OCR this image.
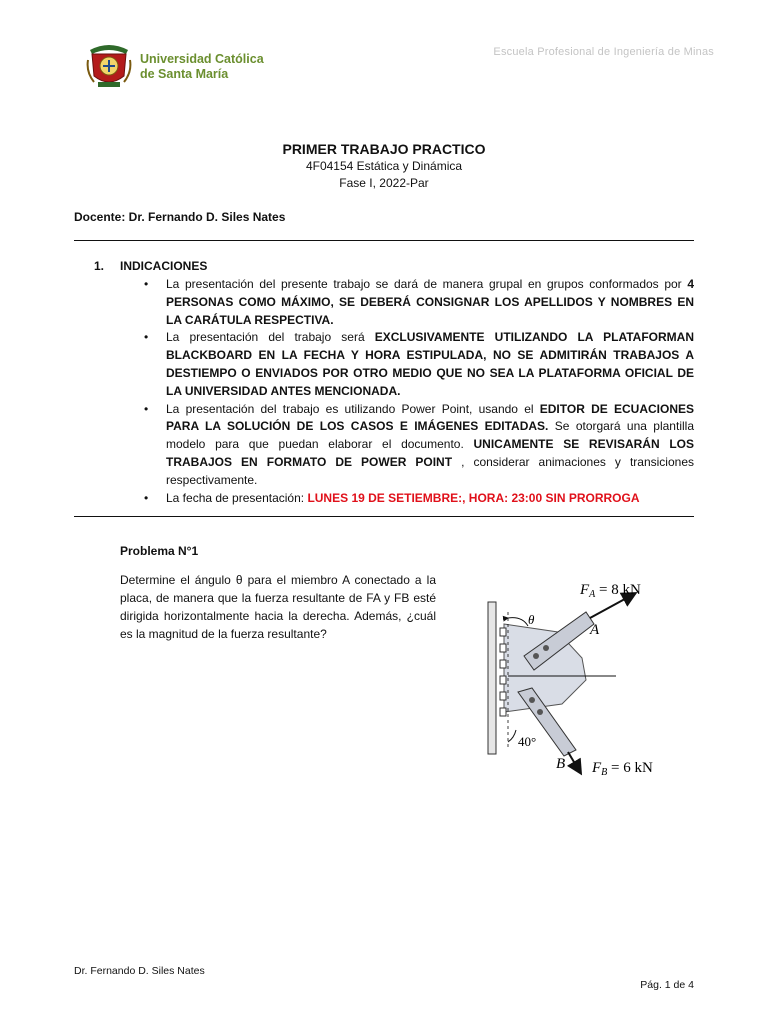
Universidad Católica
de Santa María
Escuela Profesional de Ingeniería de Minas
PRIMER TRABAJO PRACTICO
4F04154 Estática y Dinámica
Fase I, 2022-Par
Docente: Dr. Fernando D. Siles Nates
1. INDICACIONES
• La presentación del presente trabajo se dará de manera grupal en grupos conformados por 4 PERSONAS COMO MÁXIMO, SE DEBERÁ CONSIGNAR LOS APELLIDOS Y NOMBRES EN LA CARÁTULA RESPECTIVA.
• La presentación del trabajo será EXCLUSIVAMENTE UTILIZANDO LA PLATAFORMAN BLACKBOARD EN LA FECHA Y HORA ESTIPULADA, NO SE ADMITIRÁN TRABAJOS A DESTIEMPO O ENVIADOS POR OTRO MEDIO QUE NO SEA LA PLATAFORMA OFICIAL DE LA UNIVERSIDAD ANTES MENCIONADA.
• La presentación del trabajo es utilizando Power Point, usando el EDITOR DE ECUACIONES PARA LA SOLUCIÓN DE LOS CASOS E IMÁGENES EDITADAS. Se otorgará una plantilla modelo para que puedan elaborar el documento. UNICAMENTE SE REVISARÁN LOS TRABAJOS EN FORMATO DE POWER POINT , considerar animaciones y transiciones respectivamente.
• La fecha de presentación: LUNES 19 DE SETIEMBRE:, HORA: 23:00 SIN PRORROGA
Problema N°1
Determine el ángulo θ para el miembro A conectado a la placa, de manera que la fuerza resultante de FA y FB esté dirigida horizontalmente hacia la derecha. Además, ¿cuál es la magnitud de la fuerza resultante?
$F_A = 8$ kN
$F_B = 6$ kN
A
B
θ
40°
Dr. Fernando D. Siles Nates
Pág. 1 de 4
